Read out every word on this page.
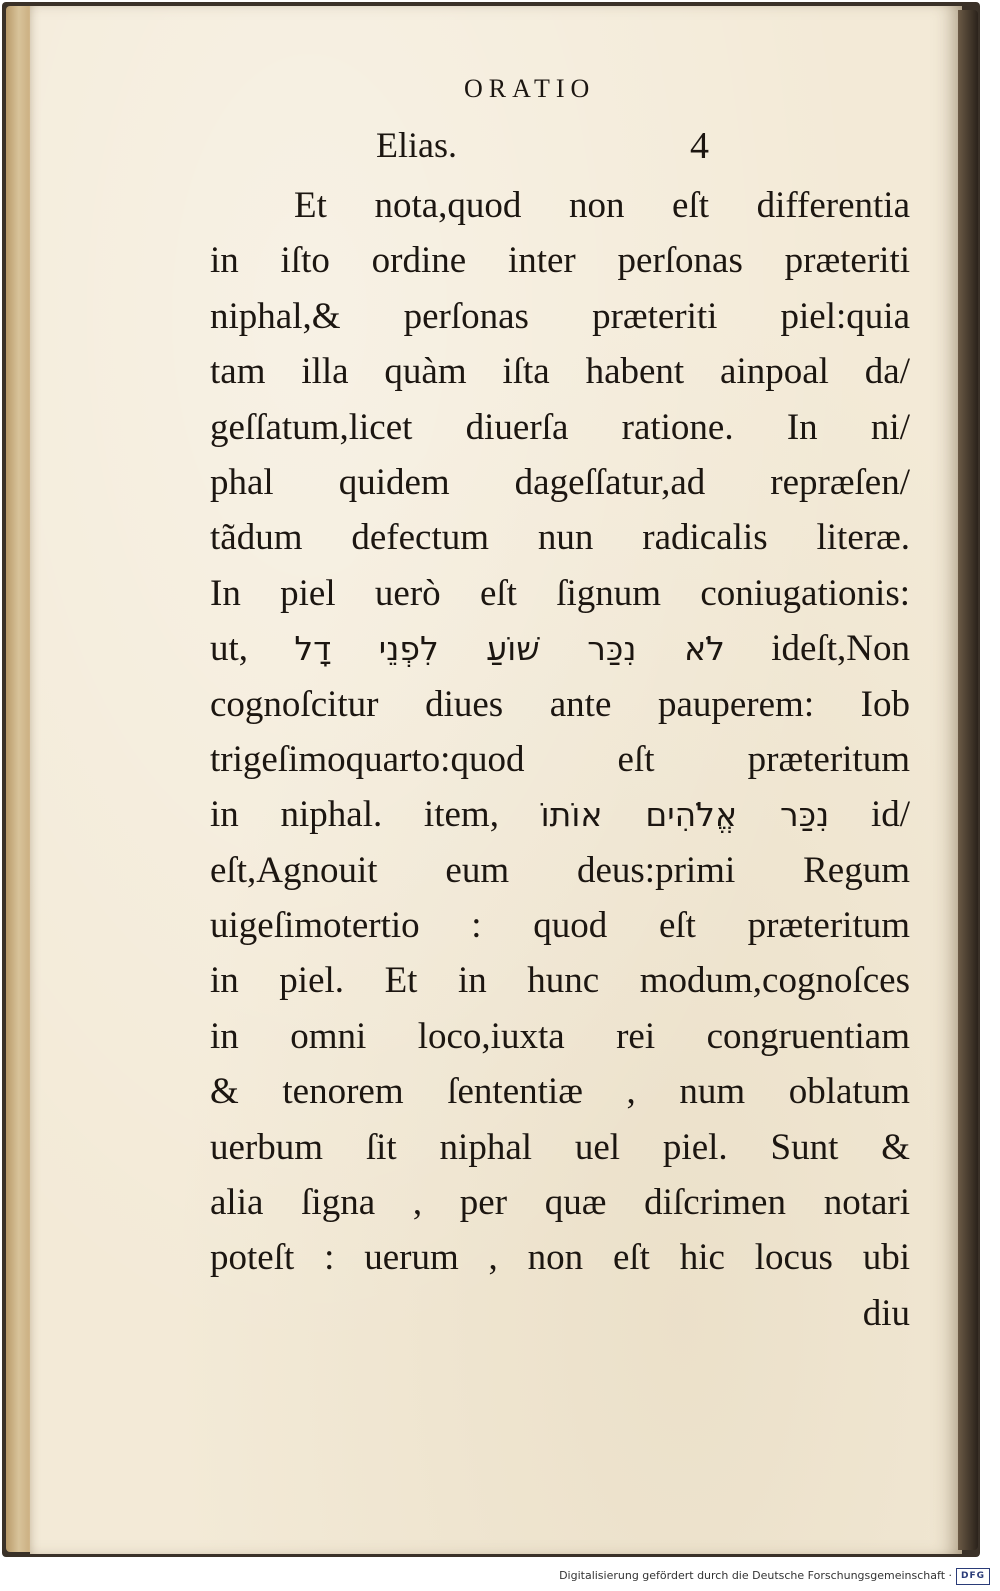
ORATIO
Elias.	4
Et nota,quod non eſt differentia
in iſto ordine inter perſonas præteriti
niphal,& perſonas præteriti piel:quia
tam illa quàm iſta habent ainpoal da/
geſſatum,licet diuerſa ratione. In ni/
phal quidem dageſſatur,ad repræſen/
tãdum defectum nun radicalis literæ.
In piel uerò eſt ſignum coniugationis:
ut, לֹא נִכַּר שׁוֹעַ לִפְנֵי דָל ideſt,Non
cognoſcitur diues ante pauperem: Iob
trigeſimoquarto:quod eſt præteritum
in niphal. item, נִכַּר אֱלֹהִים אוֹתוֹ id/
eſt,Agnouit eum deus:primi Regum
uigeſimotertio : quod eſt præteritum
in piel. Et in hunc modum,cognoſces
in omni loco,iuxta rei congruentiam
& tenorem ſententiæ , num oblatum
uerbum ſit niphal uel piel. Sunt &
alia ſigna , per quæ diſcrimen notari
poteſt : uerum , non eſt hic locus ubi
diu
Digitalisierung gefördert durch die Deutsche Forschungsgemeinschaft · DFG
